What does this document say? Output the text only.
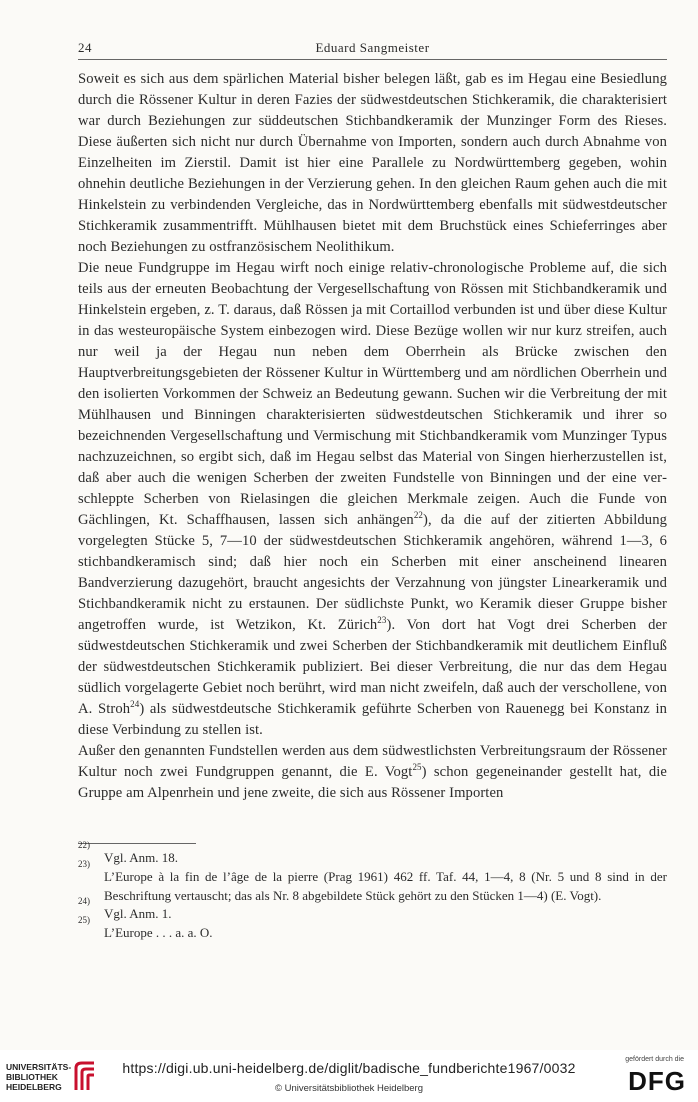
24	Eduard Sangmeister

Soweit es sich aus dem spärlichen Material bisher belegen läßt, gab es im Hegau eine Besiedlung durch die Rössener Kultur in deren Fazies der südwestdeutschen Stichkeramik, die charakterisiert war durch Beziehungen zur süddeutschen Stichbandkeramik der Munzinger Form des Rieses. Diese äußerten sich nicht nur durch Übernahme von Importen, sondern auch durch Abnahme von Einzelheiten im Zierstil. Damit ist hier eine Parallele zu Nordwürttemberg gegeben, wohin ohnehin deutliche Beziehungen in der Verzierung gehen. In den gleichen Raum gehen auch die mit Hinkelstein zu verbindenden Vergleiche, das in Nordwürttemberg ebenfalls mit südwestdeutscher Stichkeramik zusammentrifft. Mühlhausen bietet mit dem Bruchstück eines Schieferringes aber noch Beziehungen zu ostfranzösischem Neolithikum.

Die neue Fundgruppe im Hegau wirft noch einige relativ-chronologische Probleme auf, die sich teils aus der erneuten Beobachtung der Vergesellschaftung von Rössen mit Stichbandkeramik und Hinkelstein ergeben, z. T. daraus, daß Rössen ja mit Cortaillod verbunden ist und über diese Kultur in das westeuropäische System einbezogen wird. Diese Bezüge wollen wir nur kurz streifen, auch nur weil ja der Hegau nun neben dem Oberrhein als Brücke zwischen den Hauptverbreitungsgebieten der Rössener Kultur in Württemberg und am nördlichen Oberrhein und den isolierten Vorkommen der Schweiz an Bedeutung gewann. Suchen wir die Verbreitung der mit Mühlhausen und Binningen charakterisierten südwestdeutschen Stichkeramik und ihrer so bezeichnenden Vergesellschaftung und Vermischung mit Stichbandkeramik vom Munzinger Typus nachzuzeichnen, so ergibt sich, daß im Hegau selbst das Material von Singen hierherzustellen ist, daß aber auch die wenigen Scherben der zweiten Fundstelle von Binningen und der eine verschleppte Scherben von Rielasingen die gleichen Merkmale zeigen. Auch die Funde von Gächlingen, Kt. Schaffhausen, lassen sich anhängen$^{22}$), da die auf der zitierten Abbildung vorgelegten Stücke 5, 7—10 der südwestdeutschen Stichkeramik angehören, während 1—3, 6 stichbandkeramisch sind; daß hier noch ein Scherben mit einer anscheinend linearen Bandverzierung dazugehört, braucht angesichts der Verzahnung von jüngster Linearkeramik und Stichbandkeramik nicht zu erstaunen. Der südlichste Punkt, wo Keramik dieser Gruppe bisher angetroffen wurde, ist Wetzikon, Kt. Zürich$^{23}$). Von dort hat Vogt drei Scherben der südwestdeutschen Stichkeramik und zwei Scherben der Stichbandkeramik mit deutlichem Einfluß der südwestdeutschen Stichkeramik publiziert. Bei dieser Verbreitung, die nur das dem Hegau südlich vorgelagerte Gebiet noch berührt, wird man nicht zweifeln, daß auch der verschollene, von A. Stroh$^{24}$) als südwestdeutsche Stichkeramik geführte Scherben von Rauenegg bei Konstanz in diese Verbindung zu stellen ist.

Außer den genannten Fundstellen werden aus dem südwestlichsten Verbreitungsraum der Rössener Kultur noch zwei Fundgruppen genannt, die E. Vogt$^{25}$) schon gegeneinander gestellt hat, die Gruppe am Alpenrhein und jene zweite, die sich aus Rössener Importen

22)
Vgl. Anm. 18.
23)
L’Europe à la fin de l’âge de la pierre (Prag 1961) 462 ff. Taf. 44, 1—4, 8 (Nr. 5 und 8 sind in der Beschriftung vertauscht; das als Nr. 8 abgebildete Stück gehört zu den Stücken 1—4) (E. Vogt).
24)
Vgl. Anm. 1.
25)
L’Europe . . . a. a. O.
UNIVERSITÄTS-
BIBLIOTHEK
HEIDELBERG
https://digi.ub.uni-heidelberg.de/diglit/badische_fundberichte1967/0032
© Universitätsbibliothek Heidelberg
gefördert durch die
DFG
